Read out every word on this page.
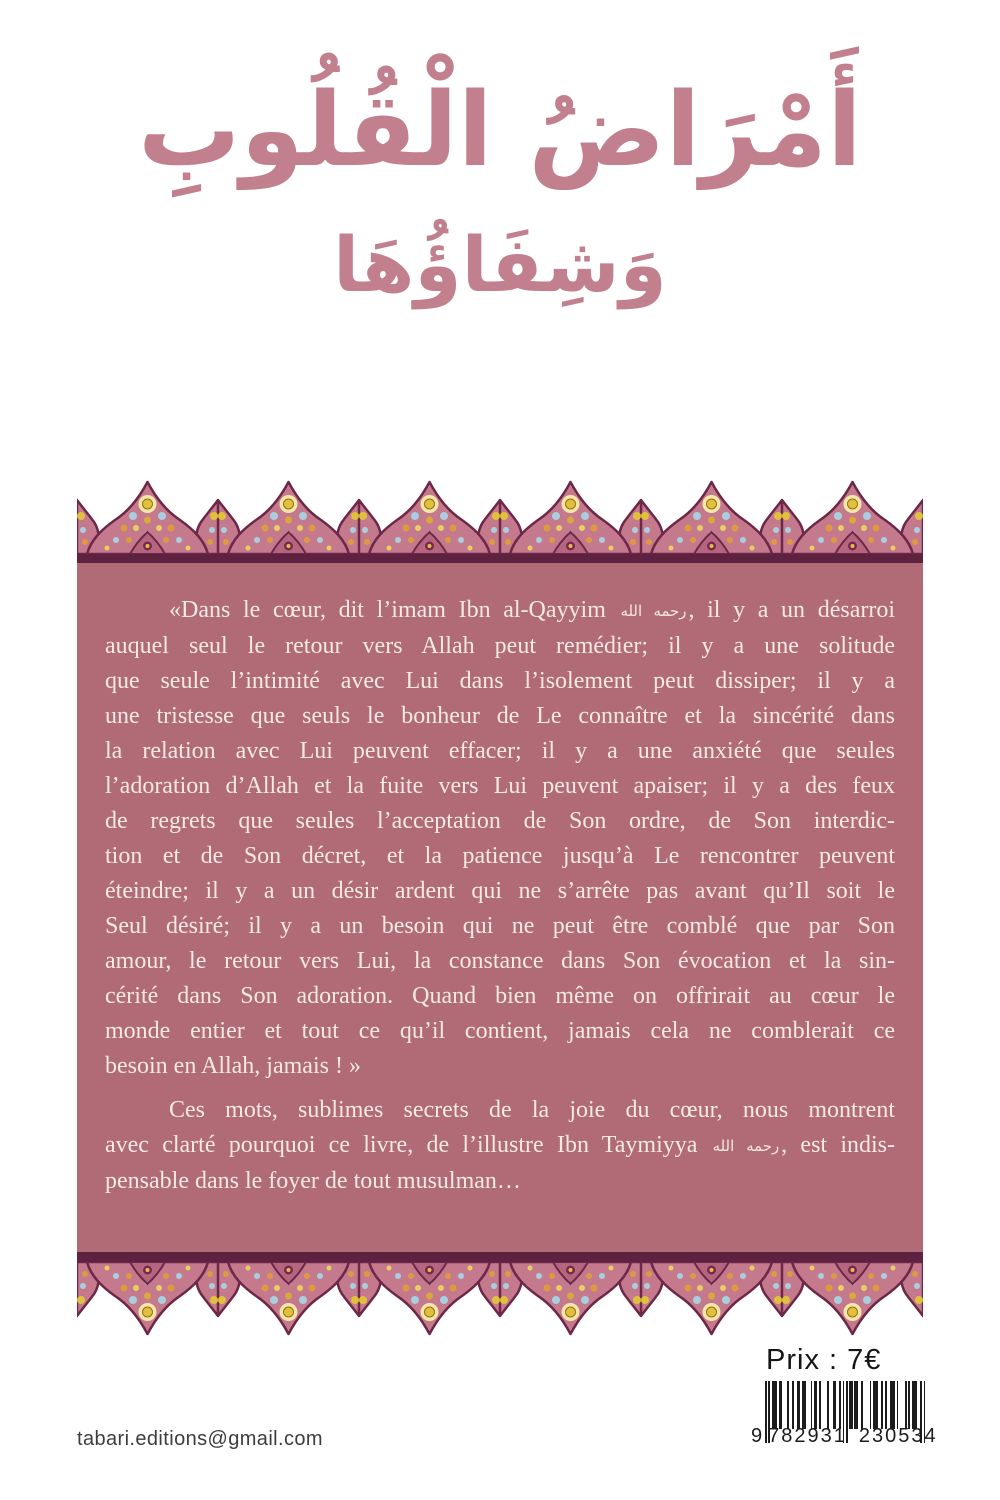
أَمْرَاضُ الْقُلُوبِ
وَشِفَاؤُهَا
«Dans le cœur, dit l’imam Ibn al-Qayyim رحمه الله, il y a un désarroi
auquel seul le retour vers Allah peut remédier; il y a une solitude
que seule l’intimité avec Lui dans l’isolement peut dissiper; il y a
une tristesse que seuls le bonheur de Le connaître et la sincérité dans
la relation avec Lui peuvent effacer; il y a une anxiété que seules
l’adoration d’Allah et la fuite vers Lui peuvent apaiser; il y a des feux
de regrets que seules l’acceptation de Son ordre, de Son interdic-
tion et de Son décret, et la patience jusqu’à Le rencontrer peuvent
éteindre; il y a un désir ardent qui ne s’arrête pas avant qu’Il soit le
Seul désiré; il y a un besoin qui ne peut être comblé que par Son
amour, le retour vers Lui, la constance dans Son évocation et la sin-
cérité dans Son adoration. Quand bien même on offrirait au cœur le
monde entier et tout ce qu’il contient, jamais cela ne comblerait ce
besoin en Allah, jamais ! »
Ces mots, sublimes secrets de la joie du cœur, nous montrent
avec clarté pourquoi ce livre, de l’illustre Ibn Taymiyya رحمه الله, est indis-
pensable dans le foyer de tout musulman…
Prix : 7€
9 782931 230534
tabari.editions@gmail.com
